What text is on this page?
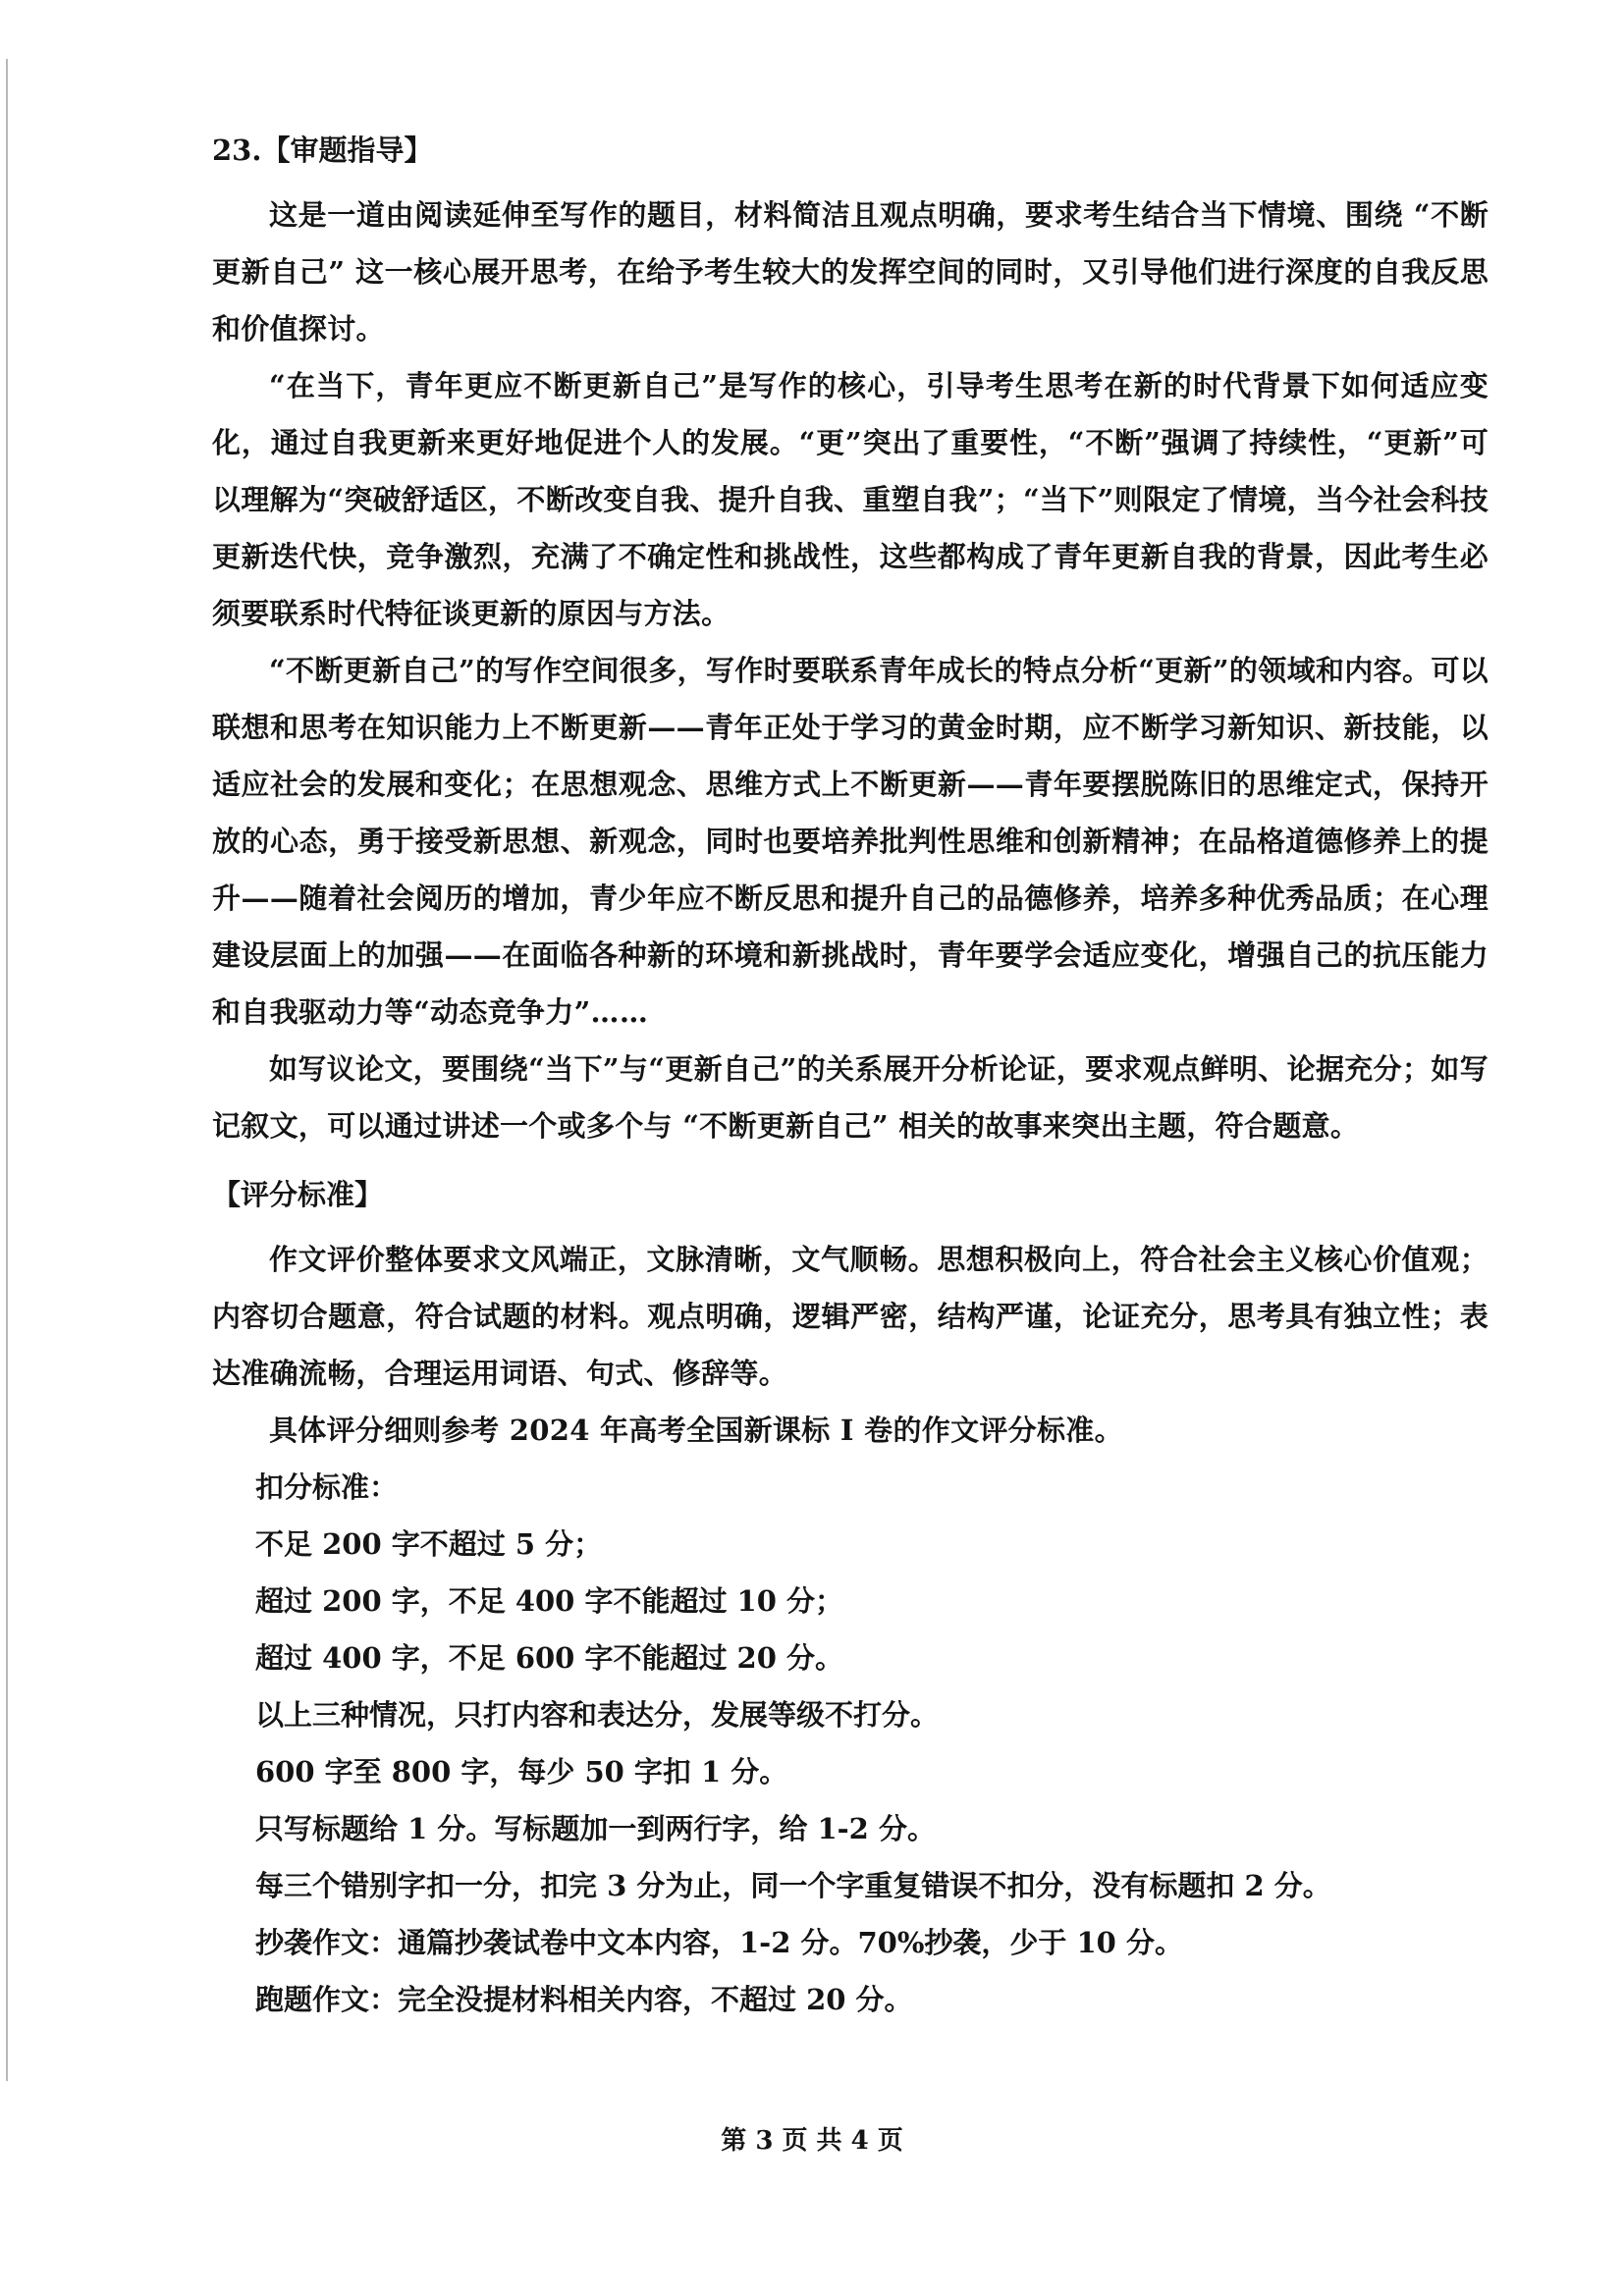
23.【审题指导】

这是一道由阅读延伸至写作的题目，材料简洁且观点明确，要求考生结合当下情境、围绕 “不断更新自己” 这一核心展开思考，在给予考生较大的发挥空间的同时，又引导他们进行深度的自我反思和价值探讨。

“在当下，青年更应不断更新自己”是写作的核心，引导考生思考在新的时代背景下如何适应变化，通过自我更新来更好地促进个人的发展。“更”突出了重要性，“不断”强调了持续性，“更新”可以理解为“突破舒适区，不断改变自我、提升自我、重塑自我”；“当下”则限定了情境，当今社会科技更新迭代快，竞争激烈，充满了不确定性和挑战性，这些都构成了青年更新自我的背景，因此考生必须要联系时代特征谈更新的原因与方法。

“不断更新自己”的写作空间很多，写作时要联系青年成长的特点分析“更新”的领域和内容。可以联想和思考在知识能力上不断更新——青年正处于学习的黄金时期，应不断学习新知识、新技能，以适应社会的发展和变化；在思想观念、思维方式上不断更新——青年要摆脱陈旧的思维定式，保持开放的心态，勇于接受新思想、新观念，同时也要培养批判性思维和创新精神；在品格道德修养上的提升——随着社会阅历的增加，青少年应不断反思和提升自己的品德修养，培养多种优秀品质；在心理建设层面上的加强——在面临各种新的环境和新挑战时，青年要学会适应变化，增强自己的抗压能力和自我驱动力等“动态竞争力”……

如写议论文，要围绕“当下”与“更新自己”的关系展开分析论证，要求观点鲜明、论据充分；如写记叙文，可以通过讲述一个或多个与 “不断更新自己” 相关的故事来突出主题，符合题意。

【评分标准】

作文评价整体要求文风端正，文脉清晰，文气顺畅。思想积极向上，符合社会主义核心价值观；内容切合题意，符合试题的材料。观点明确，逻辑严密，结构严谨，论证充分，思考具有独立性；表达准确流畅，合理运用词语、句式、修辞等。

具体评分细则参考 2024 年高考全国新课标 I 卷的作文评分标准。

扣分标准：

不足 200 字不超过 5 分；

超过 200 字，不足 400 字不能超过 10 分；

超过 400 字，不足 600 字不能超过 20 分。

以上三种情况，只打内容和表达分，发展等级不打分。

600 字至 800 字，每少 50 字扣 1 分。

只写标题给 1 分。写标题加一到两行字，给 1-2 分。

每三个错别字扣一分，扣完 3 分为止，同一个字重复错误不扣分，没有标题扣 2 分。

抄袭作文：通篇抄袭试卷中文本内容，1-2 分。70%抄袭，少于 10 分。

跑题作文：完全没提材料相关内容，不超过 20 分。

第 3 页 共 4 页
